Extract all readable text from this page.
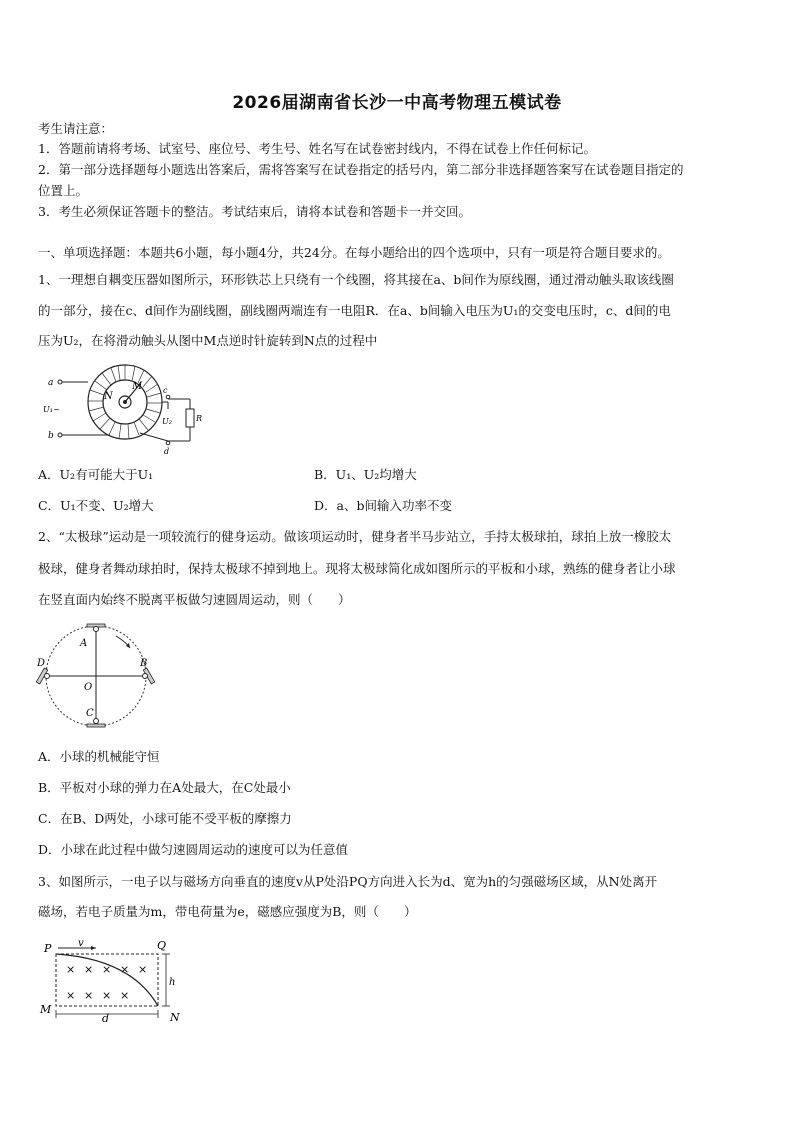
2026届湖南省长沙一中高考物理五模试卷
考生请注意：
1．答题前请将考场、试室号、座位号、考生号、姓名写在试卷密封线内，不得在试卷上作任何标记。
2．第一部分选择题每小题选出答案后，需将答案写在试卷指定的括号内，第二部分非选择题答案写在试卷题目指定的
位置上。
3．考生必须保证答题卡的整洁。考试结束后，请将本试卷和答题卡一并交回。
一、单项选择题：本题共6小题，每小题4分，共24分。在每小题给出的四个选项中，只有一项是符合题目要求的。
1、一理想自耦变压器如图所示，环形铁芯上只绕有一个线圈，将其接在a、b间作为原线圈，通过滑动触头取该线圈
的一部分，接在c、d间作为副线圈，副线圈两端连有一电阻R．在a、b间输入电压为U₁的交变电压时，c、d间的电
压为U₂，在将滑动触头从图中M点逆时针旋转到N点的过程中
M
N
a
b
U₁~
c
d
U₂	R
A．U₂有可能大于U₁	B．U₁、U₂均增大
C．U₁不变、U₂增大	D．a、b间输入功率不变
2、“太极球”运动是一项较流行的健身运动。做该项运动时，健身者半马步站立，手持太极球拍，球拍上放一橡胶太
极球，健身者舞动球拍时，保持太极球不掉到地上。现将太极球简化成如图所示的平板和小球，熟练的健身者让小球
在竖直面内始终不脱离平板做匀速圆周运动，则（　　）
A
B
C
D
O
A．小球的机械能守恒
B．平板对小球的弹力在A处最大，在C处最小
C．在B、D两处，小球可能不受平板的摩擦力
D．小球在此过程中做匀速圆周运动的速度可以为任意值
3、如图所示，一电子以与磁场方向垂直的速度v从P处沿PQ方向进入长为d、宽为h的匀强磁场区域，从N处离开
磁场，若电子质量为m，带电荷量为e，磁感应强度为B，则（　　）
× × × × ×
× × × ×
v
P	Q
M
N
h
d
